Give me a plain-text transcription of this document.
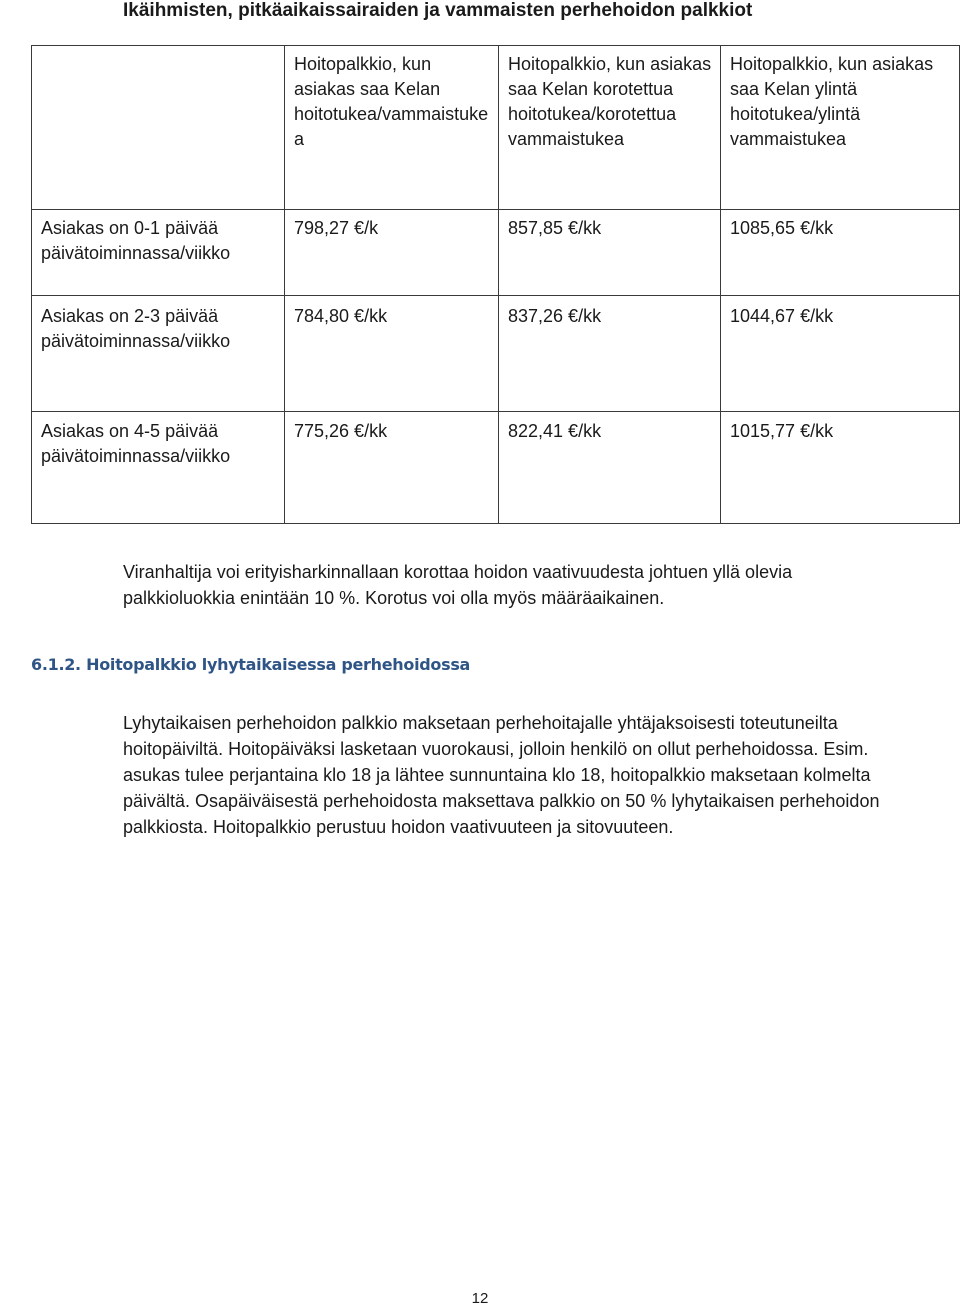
Ikäihmisten, pitkäaikaissairaiden ja vammaisten perhehoidon palkkiot
	Hoitopalkkio, kun asiakas saa Kelan hoitotukea/vammaistukea	Hoitopalkkio, kun asiakas saa Kelan korotettua hoitotukea/korotettua vammaistukea	Hoitopalkkio, kun asiakas saa Kelan ylintä hoitotukea/ylintä vammaistukea
Asiakas on 0-1 päivää päivätoiminnassa/viikko	798,27 €/k	857,85 €/kk	1085,65 €/kk
Asiakas on 2-3 päivää päivätoiminnassa/viikko	784,80 €/kk	837,26 €/kk	1044,67 €/kk
Asiakas on 4-5 päivää päivätoiminnassa/viikko	775,26 €/kk	822,41 €/kk	1015,77 €/kk
Viranhaltija voi erityisharkinnallaan korottaa hoidon vaativuudesta johtuen yllä olevia palkkioluokkia enintään 10 %. Korotus voi olla myös määräaikainen.
6.1.2. Hoitopalkkio lyhytaikaisessa perhehoidossa
Lyhytaikaisen perhehoidon palkkio maksetaan perhehoitajalle yhtäjaksoisesti toteutuneilta hoitopäiviltä. Hoitopäiväksi lasketaan vuorokausi, jolloin henkilö on ollut perhehoidossa. Esim. asukas tulee perjantaina klo 18 ja lähtee sunnuntaina klo 18, hoitopalkkio maksetaan kolmelta päivältä. Osapäiväisestä perhehoidosta maksettava palkkio on 50 % lyhytaikaisen perhehoidon palkkiosta. Hoitopalkkio perustuu hoidon vaativuuteen ja sitovuuteen.
12
